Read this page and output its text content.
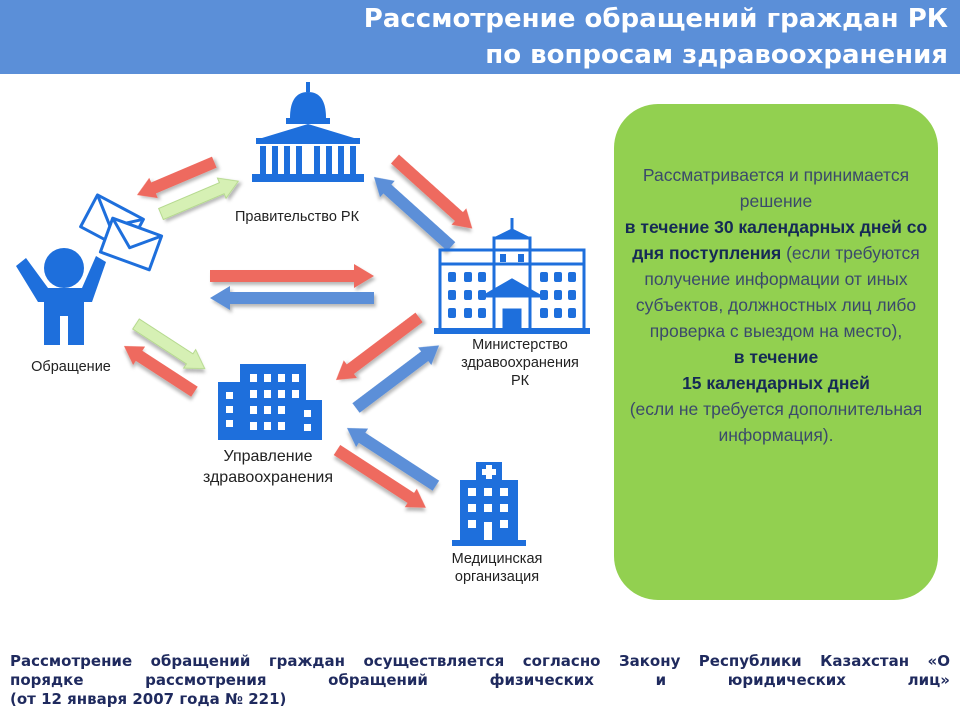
Рассмотрение обращений граждан РК
по вопросам здравоохранения
Правительство РК
Обращение
Министерство
здравоохранения
РК
Управление
здравоохранения
Медицинская
организация
Рассматривается и принимается решение
в течение 30 календарных дней со дня поступления (если требуются получение информации от иных субъектов, должностных лиц либо проверка с выездом на место),
в течение
15 календарных дней
(если не требуется дополнительная информация).
Рассмотрение обращений граждан осуществляется согласно Закону Республики Казахстан «О
порядке	рассмотрения	обращений	физических	и	юридических	лиц»
(от 12 января 2007 года № 221)
